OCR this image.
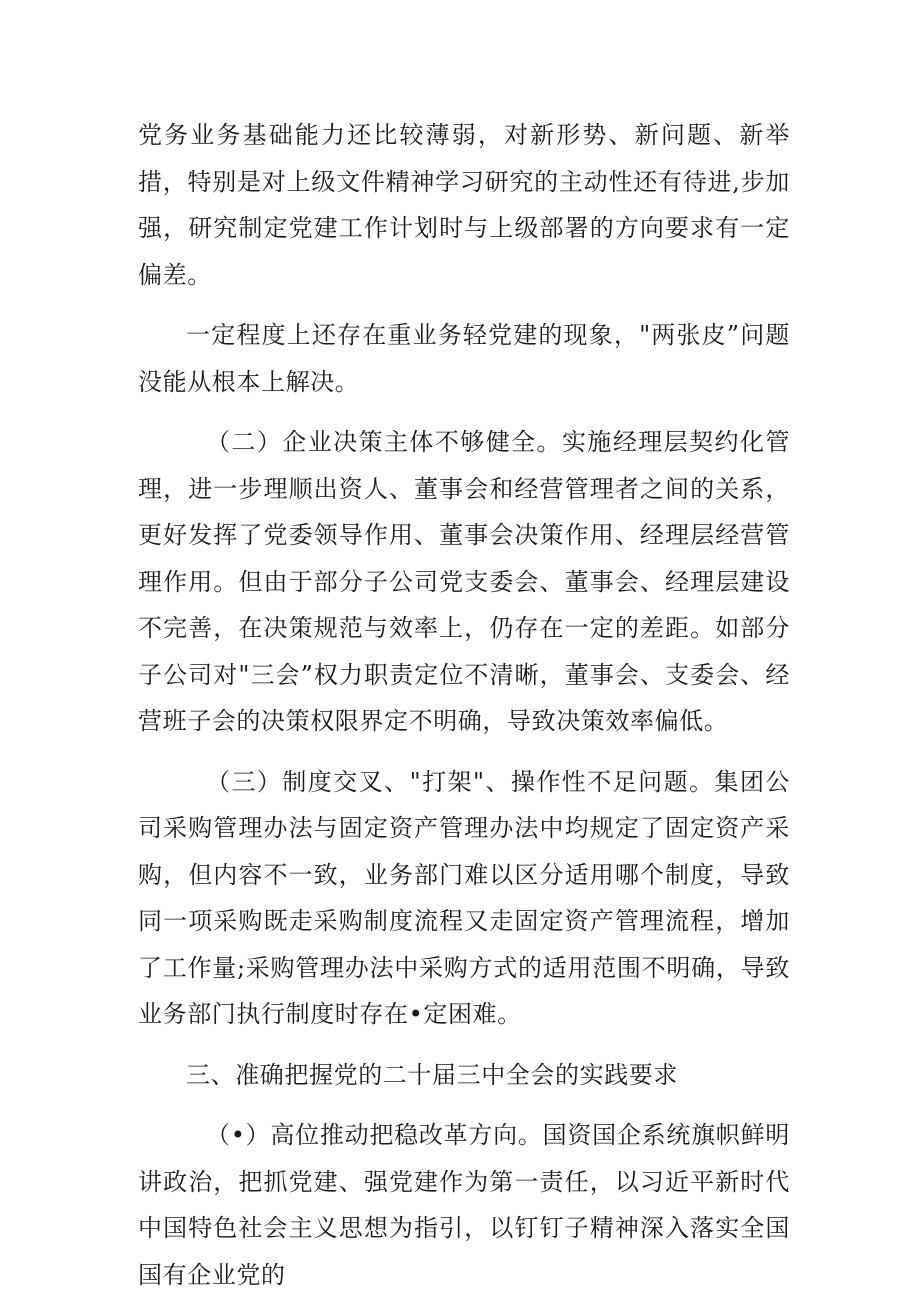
党务业务基础能力还比较薄弱，对新形势、新问题、新举措，特别是对上级文件精神学习研究的主动性还有待进,步加强，研究制定党建工作计划时与上级部署的方向要求有一定偏差。

一定程度上还存在重业务轻党建的现象，"两张皮”问题没能从根本上解决。

（二）企业决策主体不够健全。实施经理层契约化管理，进一步理顺出资人、董事会和经营管理者之间的关系，更好发挥了党委领导作用、董事会决策作用、经理层经营管理作用。但由于部分子公司党支委会、董事会、经理层建设不完善，在决策规范与效率上，仍存在一定的差距。如部分子公司对"三会”权力职责定位不清晰，董事会、支委会、经营班子会的决策权限界定不明确，导致决策效率偏低。

（三）制度交叉、"打架"、操作性不足问题。集团公司采购管理办法与固定资产管理办法中均规定了固定资产采购，但内容不一致，业务部门难以区分适用哪个制度，导致同一项采购既走采购制度流程又走固定资产管理流程，增加了工作量;采购管理办法中采购方式的适用范围不明确，导致业务部门执行制度时存在•定困难。

三、准确把握党的二十届三中全会的实践要求

（•）高位推动把稳改革方向。国资国企系统旗帜鲜明讲政治，把抓党建、强党建作为第一责任，以习近平新时代中国特色社会主义思想为指引，以钉钉子精神深入落实全国国有企业党的
